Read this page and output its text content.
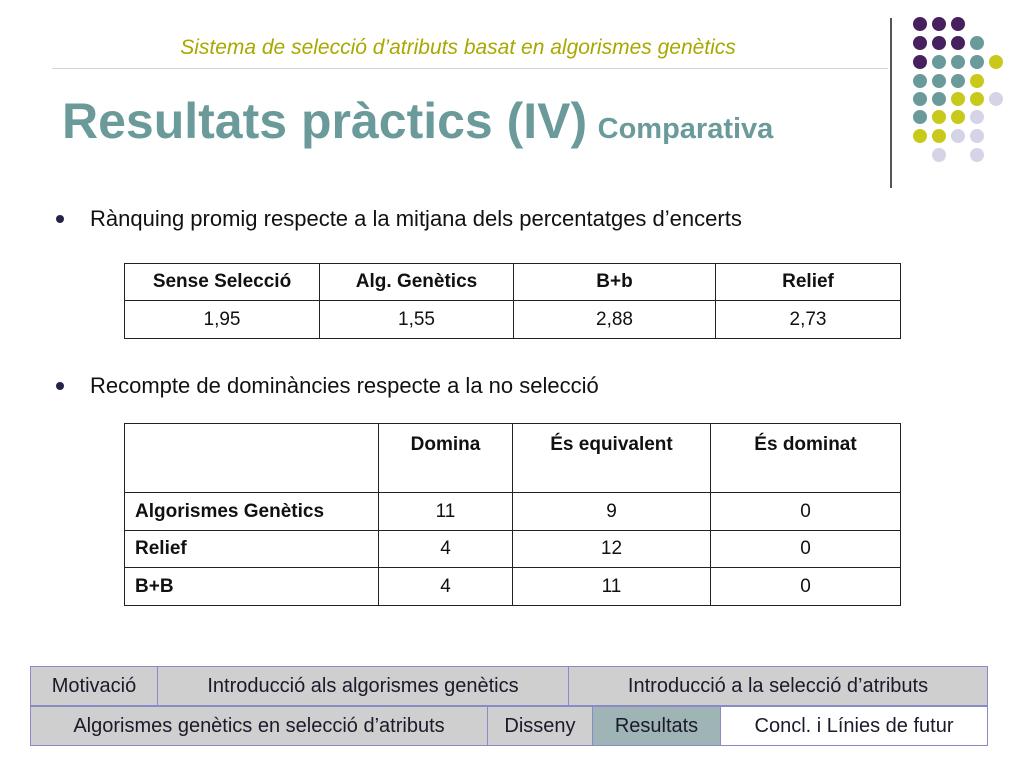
Sistema de selecció d’atributs basat en algorismes genètics
Resultats pràctics (IV) Comparativa
Rànquing promig respecte a la mitjana dels percentatges d’encerts
Sense Selecció	Alg. Genètics	B+b	Relief
1,95	1,55	2,88	2,73
Recompte de dominàncies respecte a la no selecció
	Domina	És equivalent	És dominat
Algorismes Genètics	11	9	0
Relief	4	12	0
B+B	4	11	0
Motivació	Introducció als algorismes genètics	Introducció a la selecció d’atributs
Algorismes genètics en selecció d’atributs	Disseny	Resultats	Concl. i Línies de futur
